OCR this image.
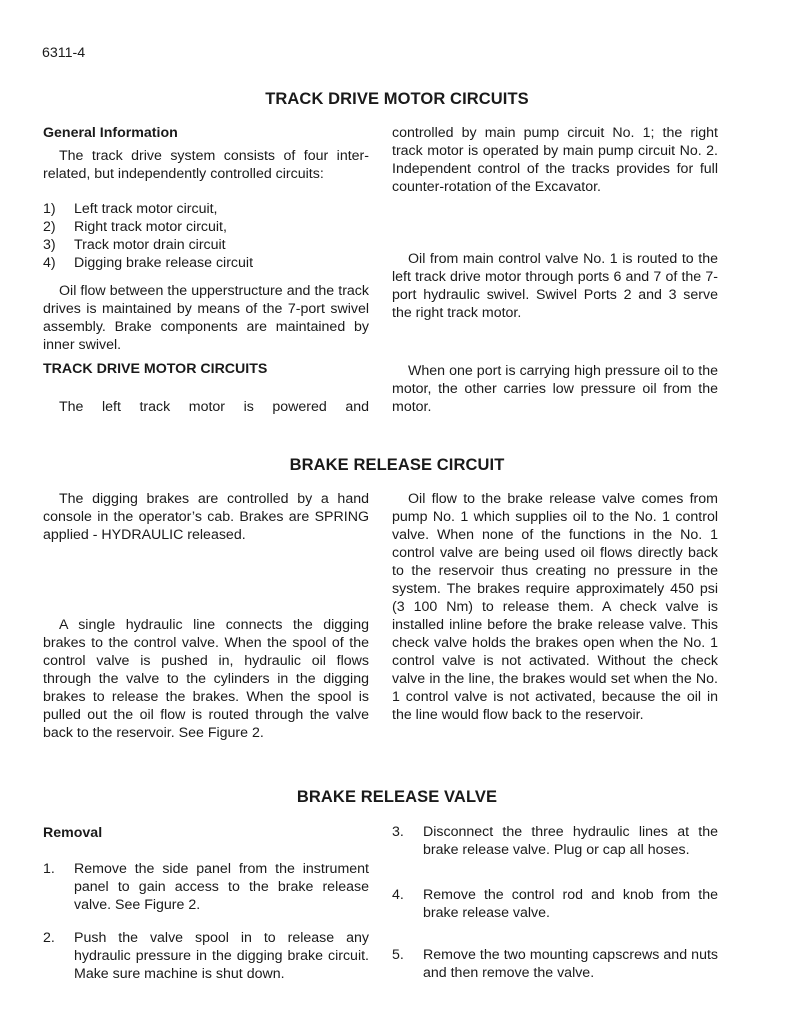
6311-4
TRACK DRIVE MOTOR CIRCUITS
General Information
The track drive system consists of four inter-related, but independently controlled circuits:
1) Left track motor circuit,
2) Right track motor circuit,
3) Track motor drain circuit
4) Digging brake release circuit
Oil flow between the upperstructure and the track drives is maintained by means of the 7-port swivel assembly. Brake components are maintained by inner swivel.
TRACK DRIVE MOTOR CIRCUITS
The left track motor is powered and
controlled by main pump circuit No. 1; the right track motor is operated by main pump circuit No. 2. Independent control of the tracks provides for full counter-rotation of the Excavator.
Oil from main control valve No. 1 is routed to the left track drive motor through ports 6 and 7 of the 7-port hydraulic swivel. Swivel Ports 2 and 3 serve the right track motor.
When one port is carrying high pressure oil to the motor, the other carries low pressure oil from the motor.
BRAKE RELEASE CIRCUIT
The digging brakes are controlled by a hand console in the operator’s cab. Brakes are SPRING applied - HYDRAULIC released.
A single hydraulic line connects the digging brakes to the control valve. When the spool of the control valve is pushed in, hydraulic oil flows through the valve to the cylinders in the digging brakes to release the brakes. When the spool is pulled out the oil flow is routed through the valve back to the reservoir. See Figure 2.
Oil flow to the brake release valve comes from pump No. 1 which supplies oil to the No. 1 control valve. When none of the functions in the No. 1 control valve are being used oil flows directly back to the reservoir thus creating no pressure in the system. The brakes require approximately 450 psi (3 100 Nm) to release them. A check valve is installed inline before the brake release valve. This check valve holds the brakes open when the No. 1 control valve is not activated. Without the check valve in the line, the brakes would set when the No. 1 control valve is not activated, because the oil in the line would flow back to the reservoir.
BRAKE RELEASE VALVE
Removal
1. Remove the side panel from the instrument panel to gain access to the brake release valve. See Figure 2.
2. Push the valve spool in to release any hydraulic pressure in the digging brake circuit. Make sure machine is shut down.
3. Disconnect the three hydraulic lines at the brake release valve. Plug or cap all hoses.
4. Remove the control rod and knob from the brake release valve.
5. Remove the two mounting capscrews and nuts and then remove the valve.
